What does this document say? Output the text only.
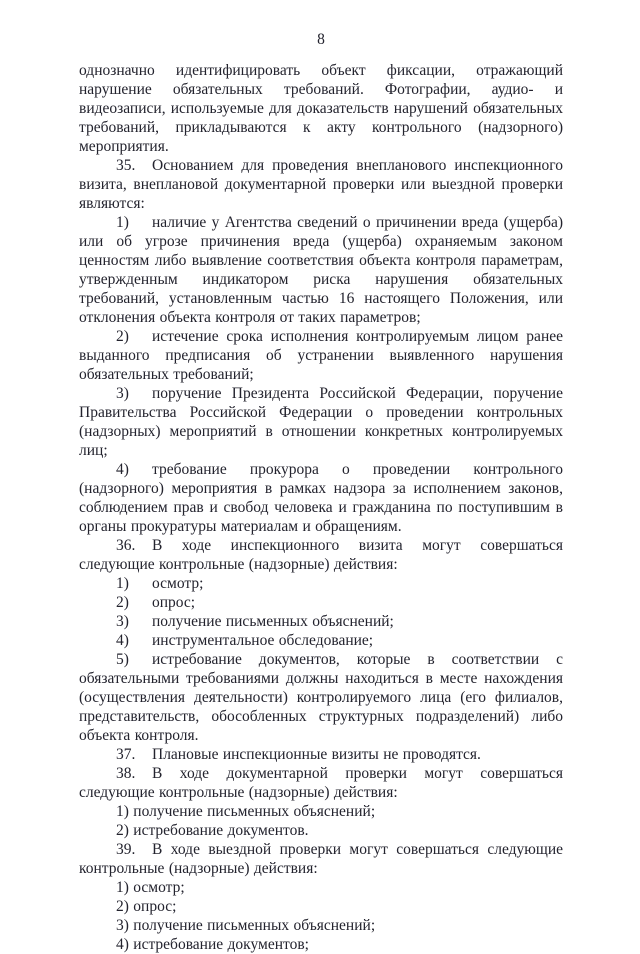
8

однозначно идентифицировать объект фиксации, отражающий нарушение обязательных требований. Фотографии, аудио- и видеозаписи, используемые для доказательств нарушений обязательных требований, прикладываются к акту контрольного (надзорного) мероприятия.

35. Основанием для проведения внепланового инспекционного визита, внеплановой документарной проверки или выездной проверки являются:

1) наличие у Агентства сведений о причинении вреда (ущерба) или об угрозе причинения вреда (ущерба) охраняемым законом ценностям либо выявление соответствия объекта контроля параметрам, утвержденным индикатором риска нарушения обязательных требований, установленным частью 16 настоящего Положения, или отклонения объекта контроля от таких параметров;

2) истечение срока исполнения контролируемым лицом ранее выданного предписания об устранении выявленного нарушения обязательных требований;

3) поручение Президента Российской Федерации, поручение Правительства Российской Федерации о проведении контрольных (надзорных) мероприятий в отношении конкретных контролируемых лиц;

4) требование прокурора о проведении контрольного (надзорного) мероприятия в рамках надзора за исполнением законов, соблюдением прав и свобод человека и гражданина по поступившим в органы прокуратуры материалам и обращениям.

36. В ходе инспекционного визита могут совершаться следующие контрольные (надзорные) действия:

1) осмотр;

2) опрос;

3) получение письменных объяснений;

4) инструментальное обследование;

5) истребование документов, которые в соответствии с обязательными требованиями должны находиться в месте нахождения (осуществления деятельности) контролируемого лица (его филиалов, представительств, обособленных структурных подразделений) либо объекта контроля.

37. Плановые инспекционные визиты не проводятся.

38. В ходе документарной проверки могут совершаться следующие контрольные (надзорные) действия:

1) получение письменных объяснений;

2) истребование документов.

39. В ходе выездной проверки могут совершаться следующие контрольные (надзорные) действия:

1) осмотр;

2) опрос;

3) получение письменных объяснений;

4) истребование документов;
